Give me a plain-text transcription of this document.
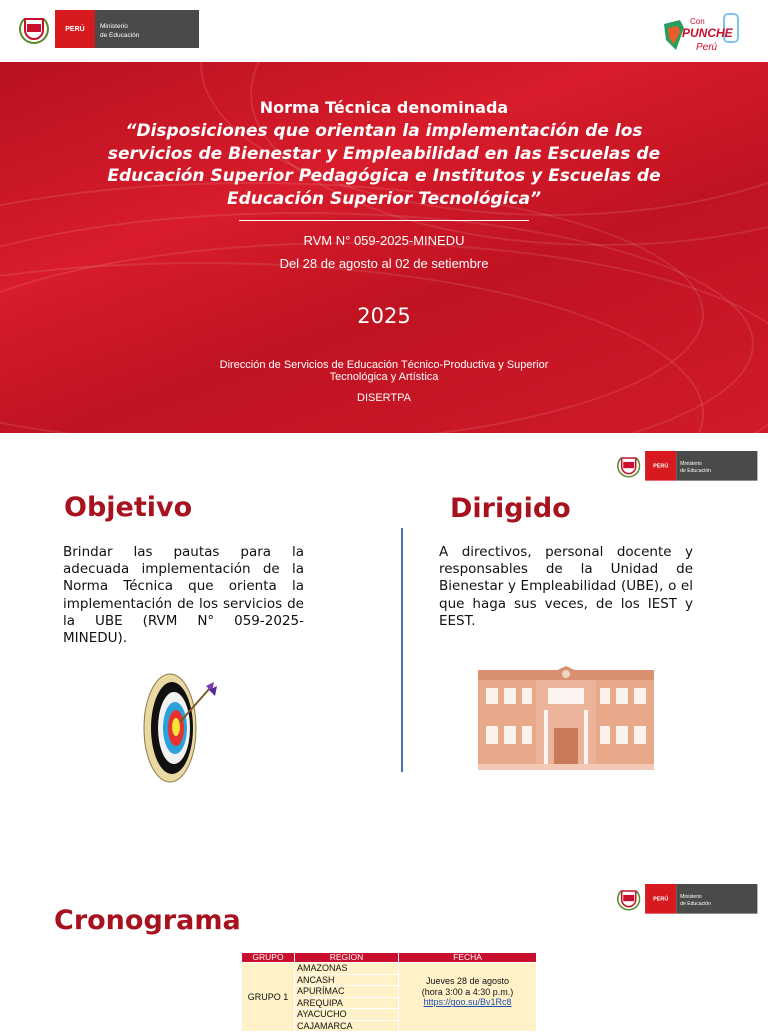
PERÚ	Ministerio
de Educación
Con
PUNCHE
Perú
Norma Técnica denominada
“Disposiciones que orientan la implementación de los servicios de Bienestar y Empleabilidad en las Escuelas de Educación Superior Pedagógica e Institutos y Escuelas de Educación Superior Tecnológica”
RVM N° 059-2025-MINEDU
Del 28 de agosto al 02 de setiembre
2025
Dirección de Servicios de Educación Técnico-Productiva y Superior Tecnológica y Artística
DISERTPA
PERÚ	Ministerio
de Educación
Objetivo
Brindar las pautas para la adecuada implementación de la Norma Técnica que orienta la implementación de los servicios de la UBE (RVM N° 059-2025-MINEDU).
Dirigido
A directivos, personal docente y responsables de la Unidad de Bienestar y Empleabilidad (UBE), o el que haga sus veces, de los IEST y EEST.
PERÚ	Ministerio
de Educación
Cronograma
GRUPO	REGION	FECHA
GRUPO 1	AMAZONAS	Jueves 28 de agosto
(hora 3:00 a 4:30 p.m.)
https://goo.su/Bv1Rc8

	ANCASH	
	APURÍMAC	
	AREQUIPA	
	AYACUCHO	
	CAJAMARCA	
